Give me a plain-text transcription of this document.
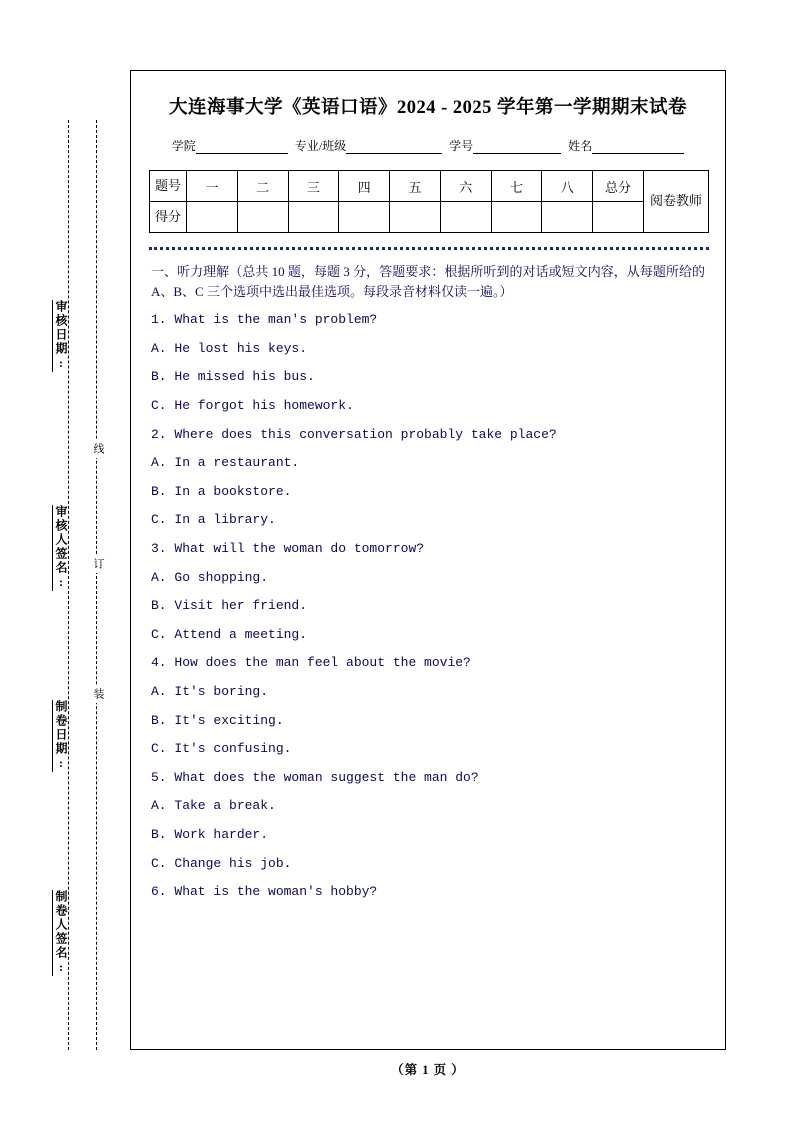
审核日期:
审核人签名:
制卷日期:
制卷人签名:
线
订
装
大连海事大学《英语口语》2024 - 2025 学年第一学期期末试卷
学院	专业/班级	学号	姓名
题号	一	二	三	四	五	六	七	八	总分	阅卷教师
得分										
一、听力理解（总共 10 题，每题 3 分，答题要求：根据所听到的对话或短文内容，从每题所给的 A、B、C 三个选项中选出最佳选项。每段录音材料仅读一遍。）
1. What is the man's problem?
A. He lost his keys.
B. He missed his bus.
C. He forgot his homework.
2. Where does this conversation probably take place?
A. In a restaurant.
B. In a bookstore.
C. In a library.
3. What will the woman do tomorrow?
A. Go shopping.
B. Visit her friend.
C. Attend a meeting.
4. How does the man feel about the movie?
A. It's boring.
B. It's exciting.
C. It's confusing.
5. What does the woman suggest the man do?
A. Take a break.
B. Work harder.
C. Change his job.
6. What is the woman's hobby?
（第 1 页 ）
